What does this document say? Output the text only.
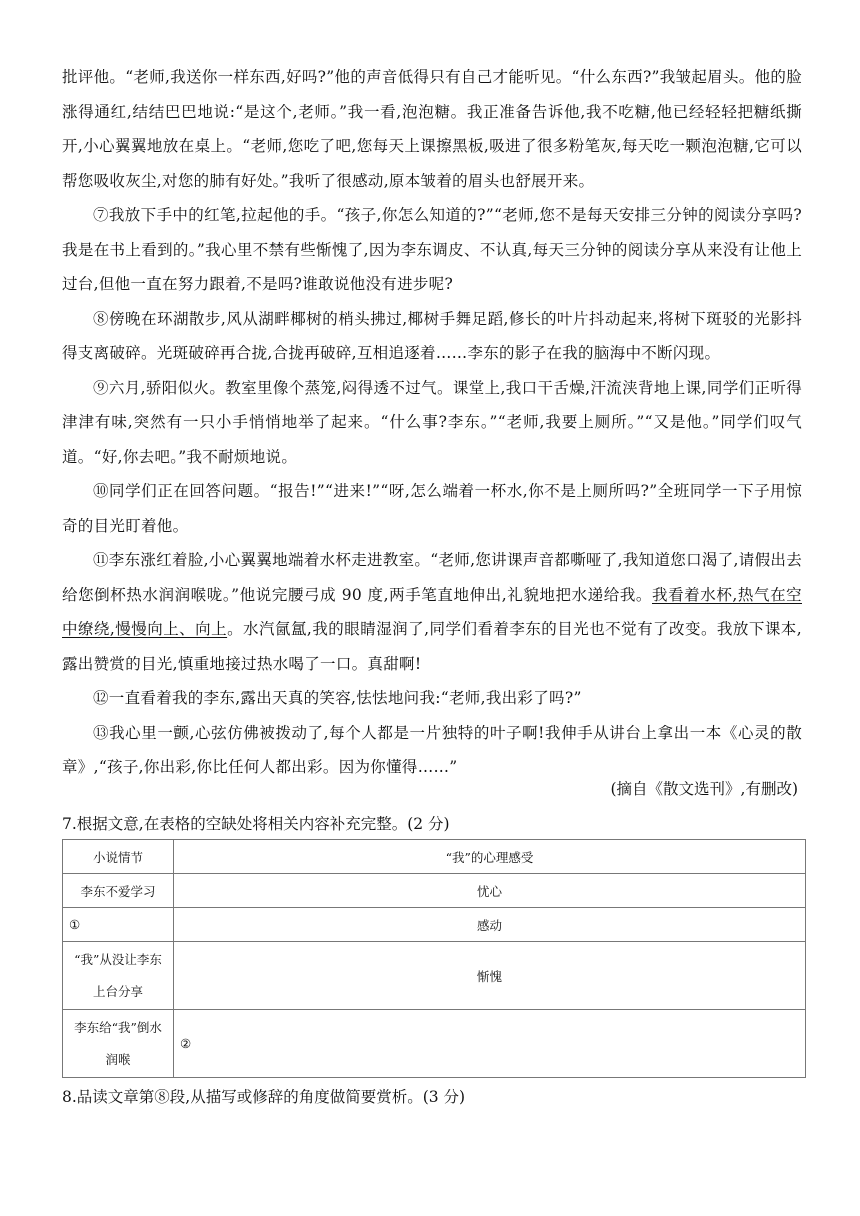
批评他。“老师,我送你一样东西,好吗?”他的声音低得只有自己才能听见。“什么东西?”我皱起眉头。他的脸涨得通红,结结巴巴地说:“是这个,老师。”我一看,泡泡糖。我正准备告诉他,我不吃糖,他已经轻轻把糖纸撕开,小心翼翼地放在桌上。“老师,您吃了吧,您每天上课擦黑板,吸进了很多粉笔灰,每天吃一颗泡泡糖,它可以帮您吸收灰尘,对您的肺有好处。”我听了很感动,原本皱着的眉头也舒展开来。

⑦我放下手中的红笔,拉起他的手。“孩子,你怎么知道的?”“老师,您不是每天安排三分钟的阅读分享吗?我是在书上看到的。”我心里不禁有些惭愧了,因为李东调皮、不认真,每天三分钟的阅读分享从来没有让他上过台,但他一直在努力跟着,不是吗?谁敢说他没有进步呢?

⑧傍晚在环湖散步,风从湖畔椰树的梢头拂过,椰树手舞足蹈,修长的叶片抖动起来,将树下斑驳的光影抖得支离破碎。光斑破碎再合拢,合拢再破碎,互相追逐着……李东的影子在我的脑海中不断闪现。

⑨六月,骄阳似火。教室里像个蒸笼,闷得透不过气。课堂上,我口干舌燥,汗流浃背地上课,同学们正听得津津有味,突然有一只小手悄悄地举了起来。“什么事?李东。”“老师,我要上厕所。”“又是他。”同学们叹气道。“好,你去吧。”我不耐烦地说。

⑩同学们正在回答问题。“报告!”“进来!”“呀,怎么端着一杯水,你不是上厕所吗?”全班同学一下子用惊奇的目光盯着他。

⑪李东涨红着脸,小心翼翼地端着水杯走进教室。“老师,您讲课声音都嘶哑了,我知道您口渴了,请假出去给您倒杯热水润润喉咙。”他说完腰弓成 90 度,两手笔直地伸出,礼貌地把水递给我。我看着水杯,热气在空中缭绕,慢慢向上、向上。水汽氤氲,我的眼睛湿润了,同学们看着李东的目光也不觉有了改变。我放下课本,露出赞赏的目光,慎重地接过热水喝了一口。真甜啊!

⑫一直看着我的李东,露出天真的笑容,怯怯地问我:“老师,我出彩了吗?”

⑬我心里一颤,心弦仿佛被拨动了,每个人都是一片独特的叶子啊!我伸手从讲台上拿出一本《心灵的散章》,“孩子,你出彩,你比任何人都出彩。因为你懂得……”

(摘自《散文选刊》,有删改)
7.根据文意,在表格的空缺处将相关内容补充完整。(2 分)
小说情节	“我”的心理感受
李东不爱学习	忧心
①	感动
“我”从没让李东
上台分享	惭愧
李东给“我”倒水
润喉	②
8.品读文章第⑧段,从描写或修辞的角度做简要赏析。(3 分)
